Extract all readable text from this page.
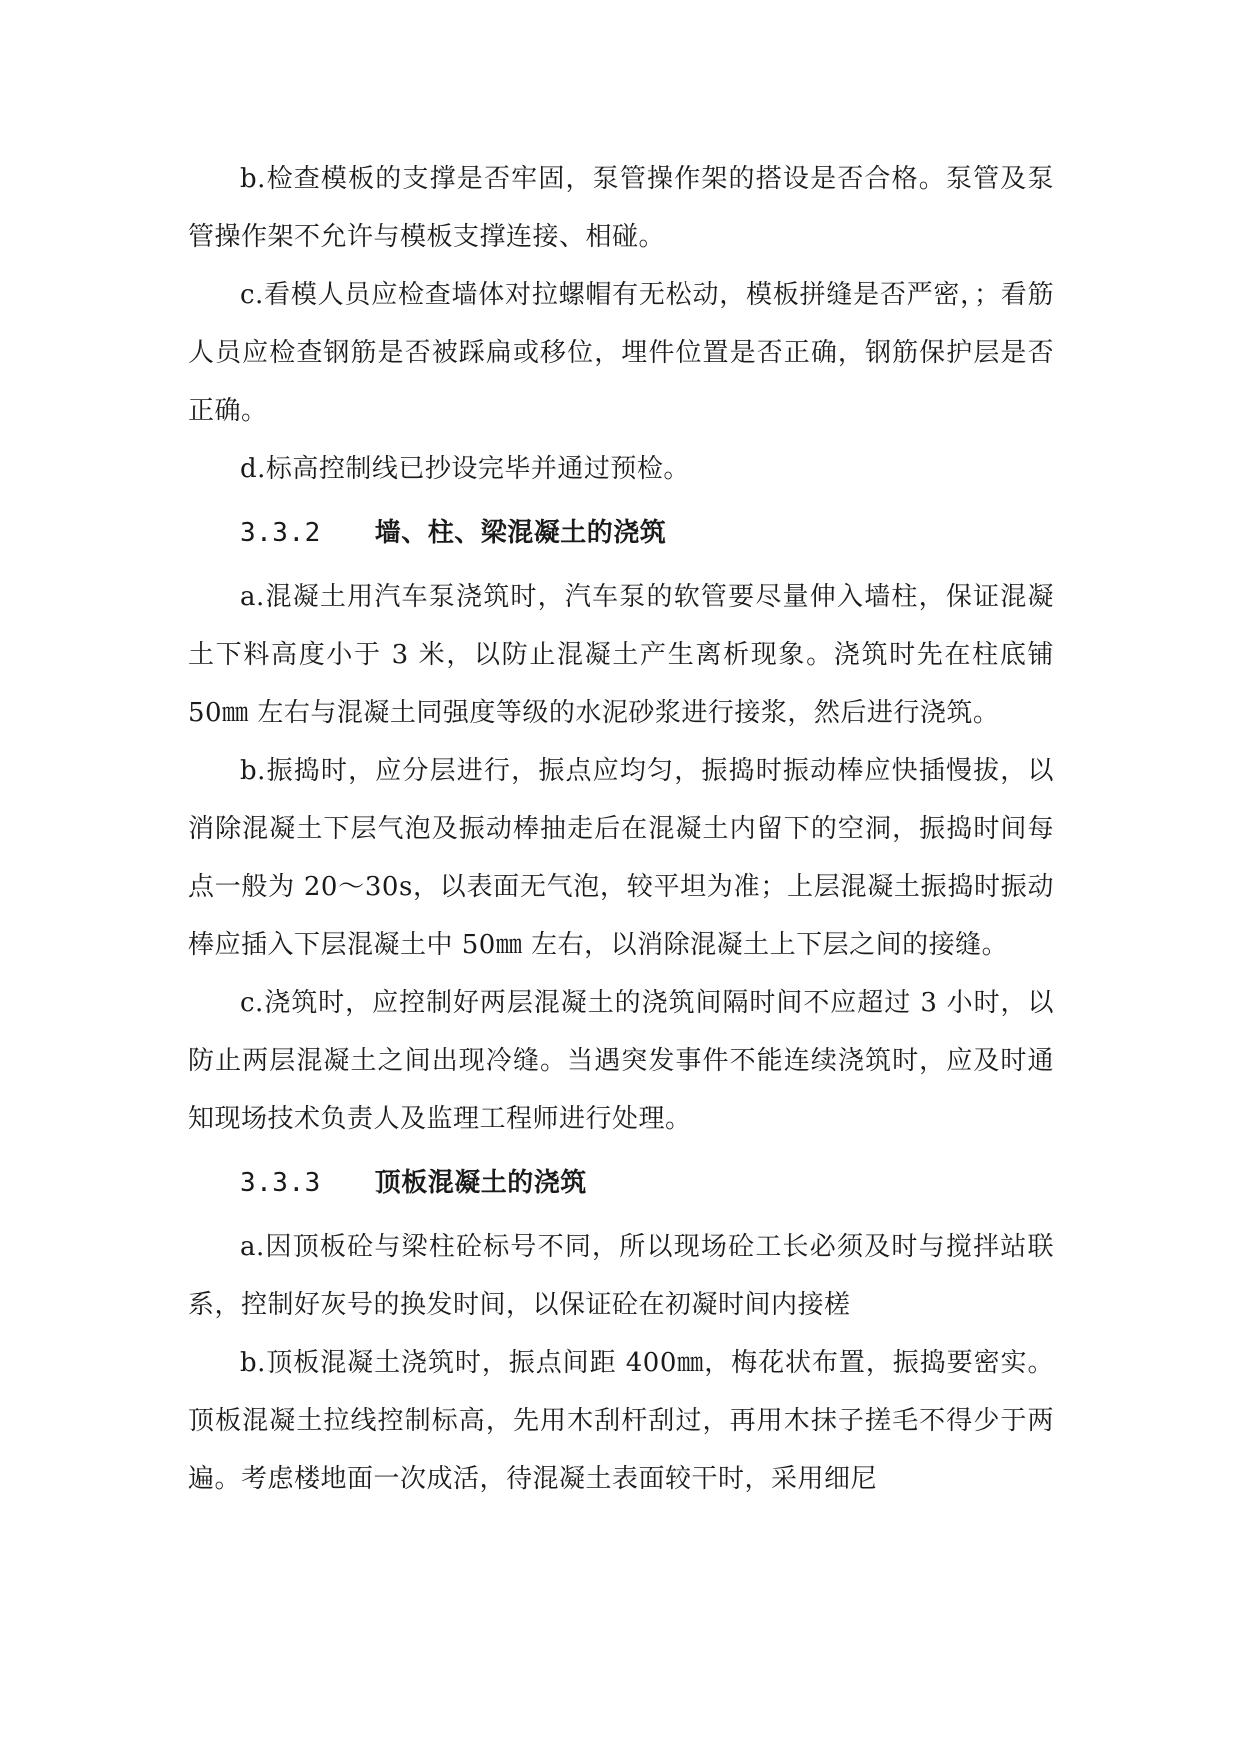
b.检查模板的支撑是否牢固，泵管操作架的搭设是否合格。泵管及泵管操作架不允许与模板支撑连接、相碰。

c.看模人员应检查墙体对拉螺帽有无松动，模板拼缝是否严密，；看筋人员应检查钢筋是否被踩扁或移位，埋件位置是否正确，钢筋保护层是否正确。

d.标高控制线已抄设完毕并通过预检。

3.3.2	墙、柱、梁混凝土的浇筑

a.混凝土用汽车泵浇筑时，汽车泵的软管要尽量伸入墙柱，保证混凝土下料高度小于 3 米，以防止混凝土产生离析现象。浇筑时先在柱底铺 50㎜ 左右与混凝土同强度等级的水泥砂浆进行接浆，然后进行浇筑。

b.振捣时，应分层进行，振点应均匀，振捣时振动棒应快插慢拔，以消除混凝土下层气泡及振动棒抽走后在混凝土内留下的空洞，振捣时间每点一般为 20～30s，以表面无气泡，较平坦为准；上层混凝土振捣时振动棒应插入下层混凝土中 50㎜ 左右，以消除混凝土上下层之间的接缝。

c.浇筑时，应控制好两层混凝土的浇筑间隔时间不应超过 3 小时，以防止两层混凝土之间出现冷缝。当遇突发事件不能连续浇筑时，应及时通知现场技术负责人及监理工程师进行处理。

3.3.3	顶板混凝土的浇筑

a.因顶板砼与梁柱砼标号不同，所以现场砼工长必须及时与搅拌站联系，控制好灰号的换发时间，以保证砼在初凝时间内接槎

b.顶板混凝土浇筑时，振点间距 400㎜，梅花状布置，振捣要密实。顶板混凝土拉线控制标高，先用木刮杆刮过，再用木抹子搓毛不得少于两遍。考虑楼地面一次成活，待混凝土表面较干时，采用细尼
